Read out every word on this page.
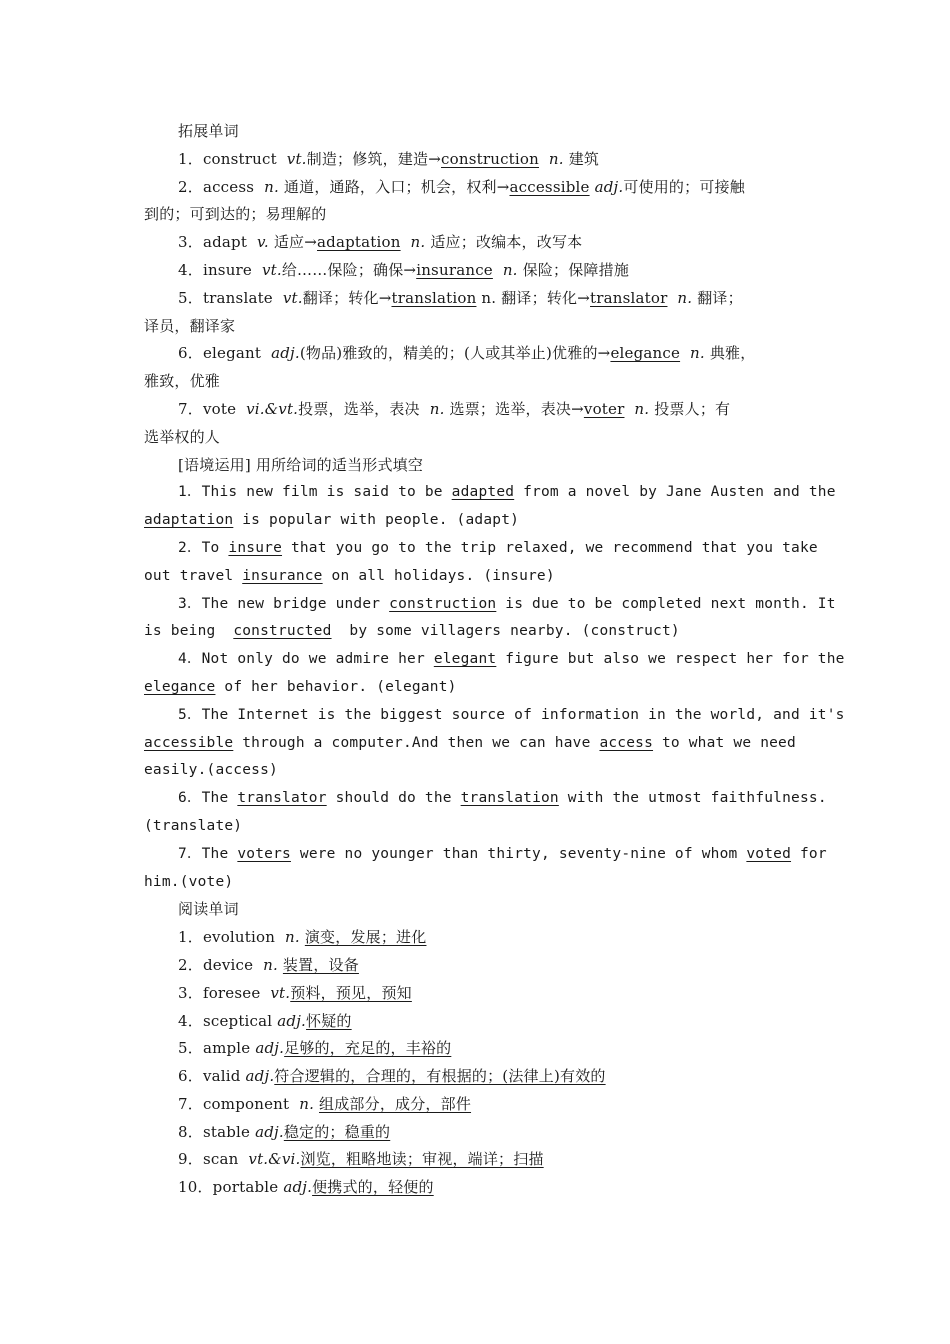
拓展单词
1．construct  vt.制造；修筑，建造→construction n. 建筑
2．access  n. 通道，通路，入口；机会，权利→accessible adj.可使用的；可接触
到的；可到达的；易理解的
3．adapt  v. 适应→adaptation n. 适应；改编本，改写本
4．insure  vt.给……保险；确保→insurance n. 保险；保障措施
5．translate  vt.翻译；转化→translation n. 翻译；转化→translator n. 翻译；
译员，翻译家
6．elegant  adj.(物品)雅致的，精美的；(人或其举止)优雅的→elegance n. 典雅，
雅致，优雅
7．vote  vi.&vt.投票，选举，表决  n. 选票；选举，表决→voter n. 投票人；有
选举权的人
[语境运用] 用所给词的适当形式填空
1．This new film is said to be adapted from a novel by Jane Austen and the
adaptation is popular with people. (adapt)
2．To insure that you go to the trip relaxed, we recommend that you take
out travel insurance on all holidays. (insure)
3．The new bridge under construction is due to be completed next month. It
is being  constructed  by some villagers nearby. (construct)
4．Not only do we admire her elegant figure but also we respect her for the
elegance of her behavior. (elegant)
5．The Internet is the biggest source of information in the world, and it's
accessible through a computer.And then we can have access to what we need
easily.(access)
6．The translator should do the translation with the utmost faithfulness.
(translate)
7．The voters were no younger than thirty, seventy-nine of whom voted for
him.(vote)
阅读单词
1．evolution  n. 演变，发展；进化
2．device  n. 装置，设备
3．foresee  vt.预料，预见，预知
4．sceptical adj.怀疑的
5．ample adj.足够的，充足的，丰裕的
6．valid adj.符合逻辑的，合理的，有根据的；(法律上)有效的
7．component  n. 组成部分，成分，部件
8．stable adj.稳定的；稳重的
9．scan  vt.&vi.浏览，粗略地读；审视，端详；扫描
10．portable adj.便携式的，轻便的
